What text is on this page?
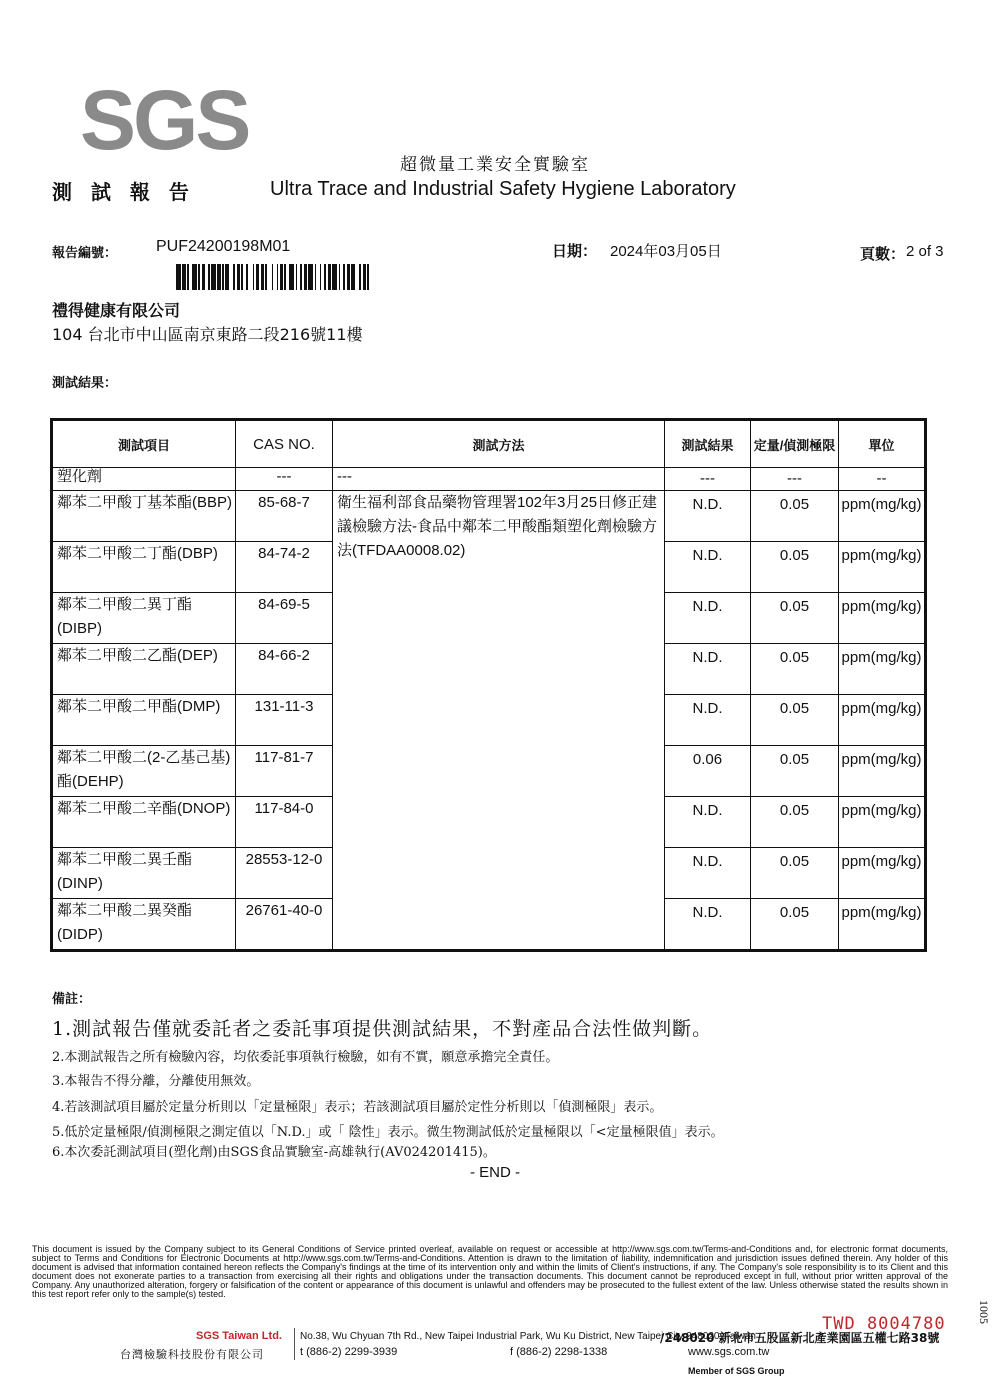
SGS
測 試 報 告
超微量工業安全實驗室
Ultra Trace and Industrial Safety Hygiene Laboratory
報告編號： PUF24200198M01	日期： 2024年03月05日	頁數： 2 of 3
禮得健康有限公司
104 台北市中山區南京東路二段216號11樓
測試結果：
測試項目	CAS NO.	測試方法	測試結果	定量/偵測極限	單位
塑化劑	---	---	---	---	--
鄰苯二甲酸丁基苯酯(BBP)	85-68-7	衛生福利部食品藥物管理署102年3月25日修正建議檢驗方法-食品中鄰苯二甲酸酯類塑化劑檢驗方法(TFDAA0008.02)	N.D.	0.05	ppm(mg/kg)
鄰苯二甲酸二丁酯(DBP)	84-74-2		N.D.	0.05	ppm(mg/kg)
鄰苯二甲酸二異丁酯(DIBP)	84-69-5		N.D.	0.05	ppm(mg/kg)
鄰苯二甲酸二乙酯(DEP)	84-66-2		N.D.	0.05	ppm(mg/kg)
鄰苯二甲酸二甲酯(DMP)	131-11-3		N.D.	0.05	ppm(mg/kg)
鄰苯二甲酸二(2-乙基己基)酯(DEHP)	117-81-7		0.06	0.05	ppm(mg/kg)
鄰苯二甲酸二辛酯(DNOP)	117-84-0		N.D.	0.05	ppm(mg/kg)
鄰苯二甲酸二異壬酯(DINP)	28553-12-0		N.D.	0.05	ppm(mg/kg)
鄰苯二甲酸二異癸酯(DIDP)	26761-40-0		N.D.	0.05	ppm(mg/kg)
備註：
1.測試報告僅就委託者之委託事項提供測試結果，不對產品合法性做判斷。
2.本測試報告之所有檢驗內容，均依委託事項執行檢驗，如有不實，願意承擔完全責任。
3.本報告不得分離，分離使用無效。
4.若該測試項目屬於定量分析則以「定量極限」表示；若該測試項目屬於定性分析則以「偵測極限」表示。
5.低於定量極限/偵測極限之測定值以「N.D.」或「 陰性」表示。微生物測試低於定量極限以「<定量極限值」表示。
6.本次委託測試項目(塑化劑)由SGS食品實驗室-高雄執行(AV024201415)。
- END -
This document is issued by the Company subject to its General Conditions of Service printed overleaf, available on request or accessible at http://www.sgs.com.tw/Terms-and-Conditions and, for electronic format documents, subject to Terms and Conditions for Electronic Documents at http://www.sgs.com.tw/Terms-and-Conditions. Attention is drawn to the limitation of liability, indemnification and jurisdiction issues defined therein. Any holder of this document is advised that information contained hereon reflects the Company's findings at the time of its intervention only and within the limits of Client's instructions, if any. The Company's sole responsibility is to its Client and this document does not exonerate parties to a transaction from exercising all their rights and obligations under the transaction documents. This document cannot be reproduced except in full, without prior written approval of the Company. Any unauthorized alteration, forgery or falsification of the content or appearance of this document is unlawful and offenders may be prosecuted to the fullest extent of the law. Unless otherwise stated the results shown in this test report refer only to the sample(s) tested.
TWD 8004780	1005
SGS Taiwan Ltd.
台灣檢驗科技股份有限公司
No.38, Wu Chyuan 7th Rd., New Taipei Industrial Park, Wu Ku District, New Taipei City 248020, Taiwan
/248020 新北市五股區新北產業園區五權七路38號
t (886-2) 2299-3939	f (886-2) 2298-1338	www.sgs.com.tw
Member of SGS Group
